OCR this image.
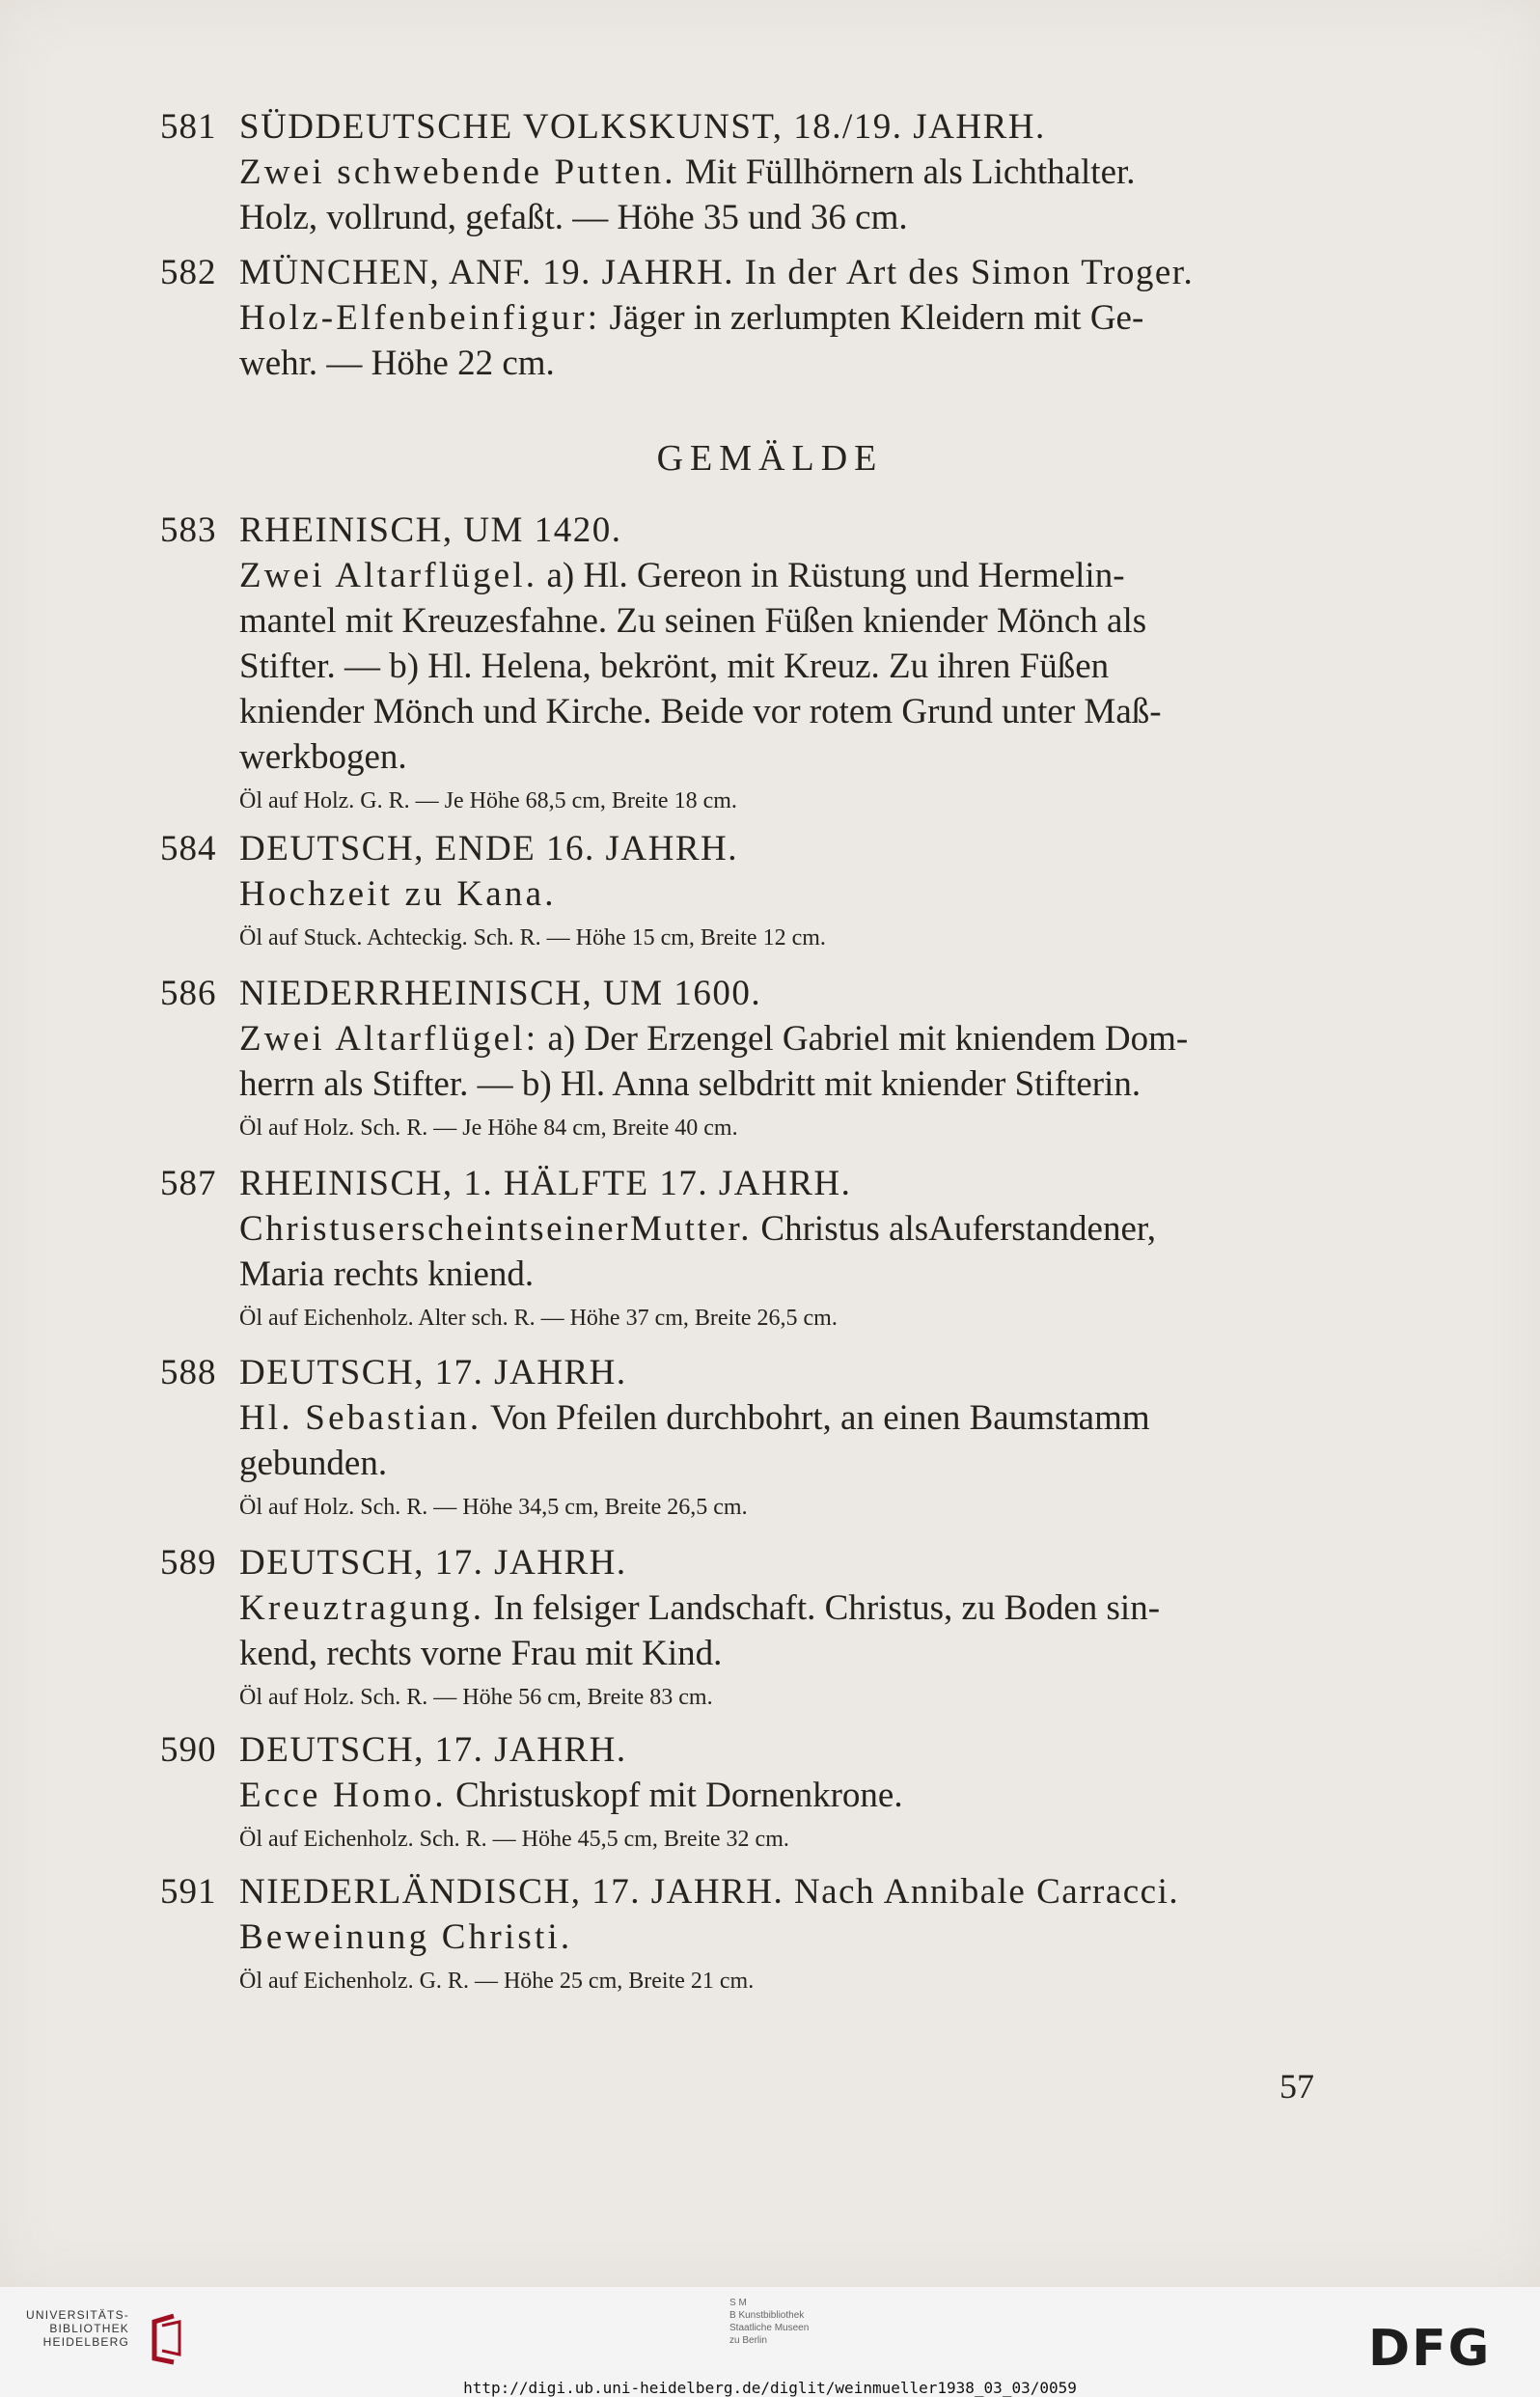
581 SÜDDEUTSCHE VOLKSKUNST, 18./19. JAHRH.
Zwei schwebende Putten. Mit Füllhörnern als Lichthalter.
Holz, vollrund, gefaßt. — Höhe 35 und 36 cm.
582 MÜNCHEN, ANF. 19. JAHRH. In der Art des Simon Troger.
Holz-Elfenbeinfigur: Jäger in zerlumpten Kleidern mit Ge-
wehr. — Höhe 22 cm.
GEMÄLDE
583 RHEINISCH, UM 1420.
Zwei Altarflügel. a) Hl. Gereon in Rüstung und Hermelin-
mantel mit Kreuzesfahne. Zu seinen Füßen kniender Mönch als
Stifter. — b) Hl. Helena, bekrönt, mit Kreuz. Zu ihren Füßen
kniender Mönch und Kirche. Beide vor rotem Grund unter Maß-
werkbogen.
Öl auf Holz. G. R. — Je Höhe 68,5 cm, Breite 18 cm.
584 DEUTSCH, ENDE 16. JAHRH.
Hochzeit zu Kana.
Öl auf Stuck. Achteckig. Sch. R. — Höhe 15 cm, Breite 12 cm.
586 NIEDERRHEINISCH, UM 1600.
Zwei Altarflügel: a) Der Erzengel Gabriel mit kniendem Dom-
herrn als Stifter. — b) Hl. Anna selbdritt mit kniender Stifterin.
Öl auf Holz. Sch. R. — Je Höhe 84 cm, Breite 40 cm.
587 RHEINISCH, 1. HÄLFTE 17. JAHRH.
ChristuserscheintseinerMutter. Christus alsAuferstandener,
Maria rechts kniend.
Öl auf Eichenholz. Alter sch. R. — Höhe 37 cm, Breite 26,5 cm.
588 DEUTSCH, 17. JAHRH.
Hl. Sebastian. Von Pfeilen durchbohrt, an einen Baumstamm
gebunden.
Öl auf Holz. Sch. R. — Höhe 34,5 cm, Breite 26,5 cm.
589 DEUTSCH, 17. JAHRH.
Kreuztragung. In felsiger Landschaft. Christus, zu Boden sin-
kend, rechts vorne Frau mit Kind.
Öl auf Holz. Sch. R. — Höhe 56 cm, Breite 83 cm.
590 DEUTSCH, 17. JAHRH.
Ecce Homo. Christuskopf mit Dornenkrone.
Öl auf Eichenholz. Sch. R. — Höhe 45,5 cm, Breite 32 cm.
591 NIEDERLÄNDISCH, 17. JAHRH. Nach Annibale Carracci.
Beweinung Christi.
Öl auf Eichenholz. G. R. — Höhe 25 cm, Breite 21 cm.
57
UNIVERSITÄTS-
BIBLIOTHEK
HEIDELBERG
S M
B Kunstbibliothek
Staatliche Museen
zu Berlin	DFG
http://digi.ub.uni-heidelberg.de/diglit/weinmueller1938_03_03/0059
